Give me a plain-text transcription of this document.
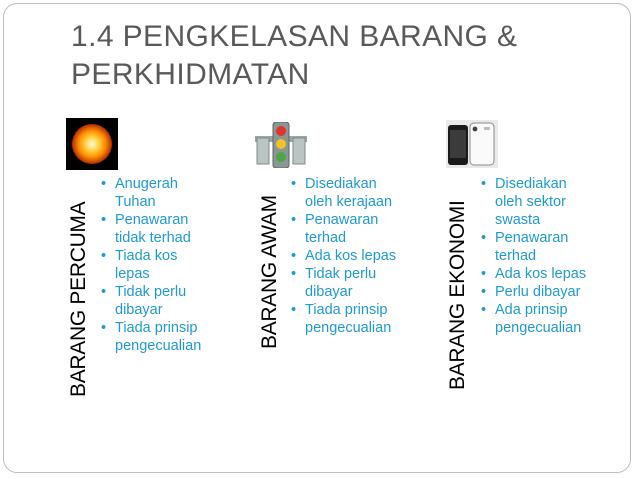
1.4 PENGKELASAN BARANG &
PERKHIDMATAN
BARANG PERCUMA
• Anugerah
Tuhan
• Penawaran
tidak terhad
• Tiada kos
lepas
• Tidak perlu
dibayar
• Tiada prinsip
pengecualian	BARANG AWAM
• Disediakan
oleh kerajaan
• Penawaran
terhad
• Ada kos lepas
• Tidak perlu
dibayar
• Tiada prinsip
pengecualian	BARANG EKONOMI
• Disediakan
oleh sektor
swasta
• Penawaran
terhad
• Ada kos lepas
• Perlu dibayar
• Ada prinsip
pengecualian
